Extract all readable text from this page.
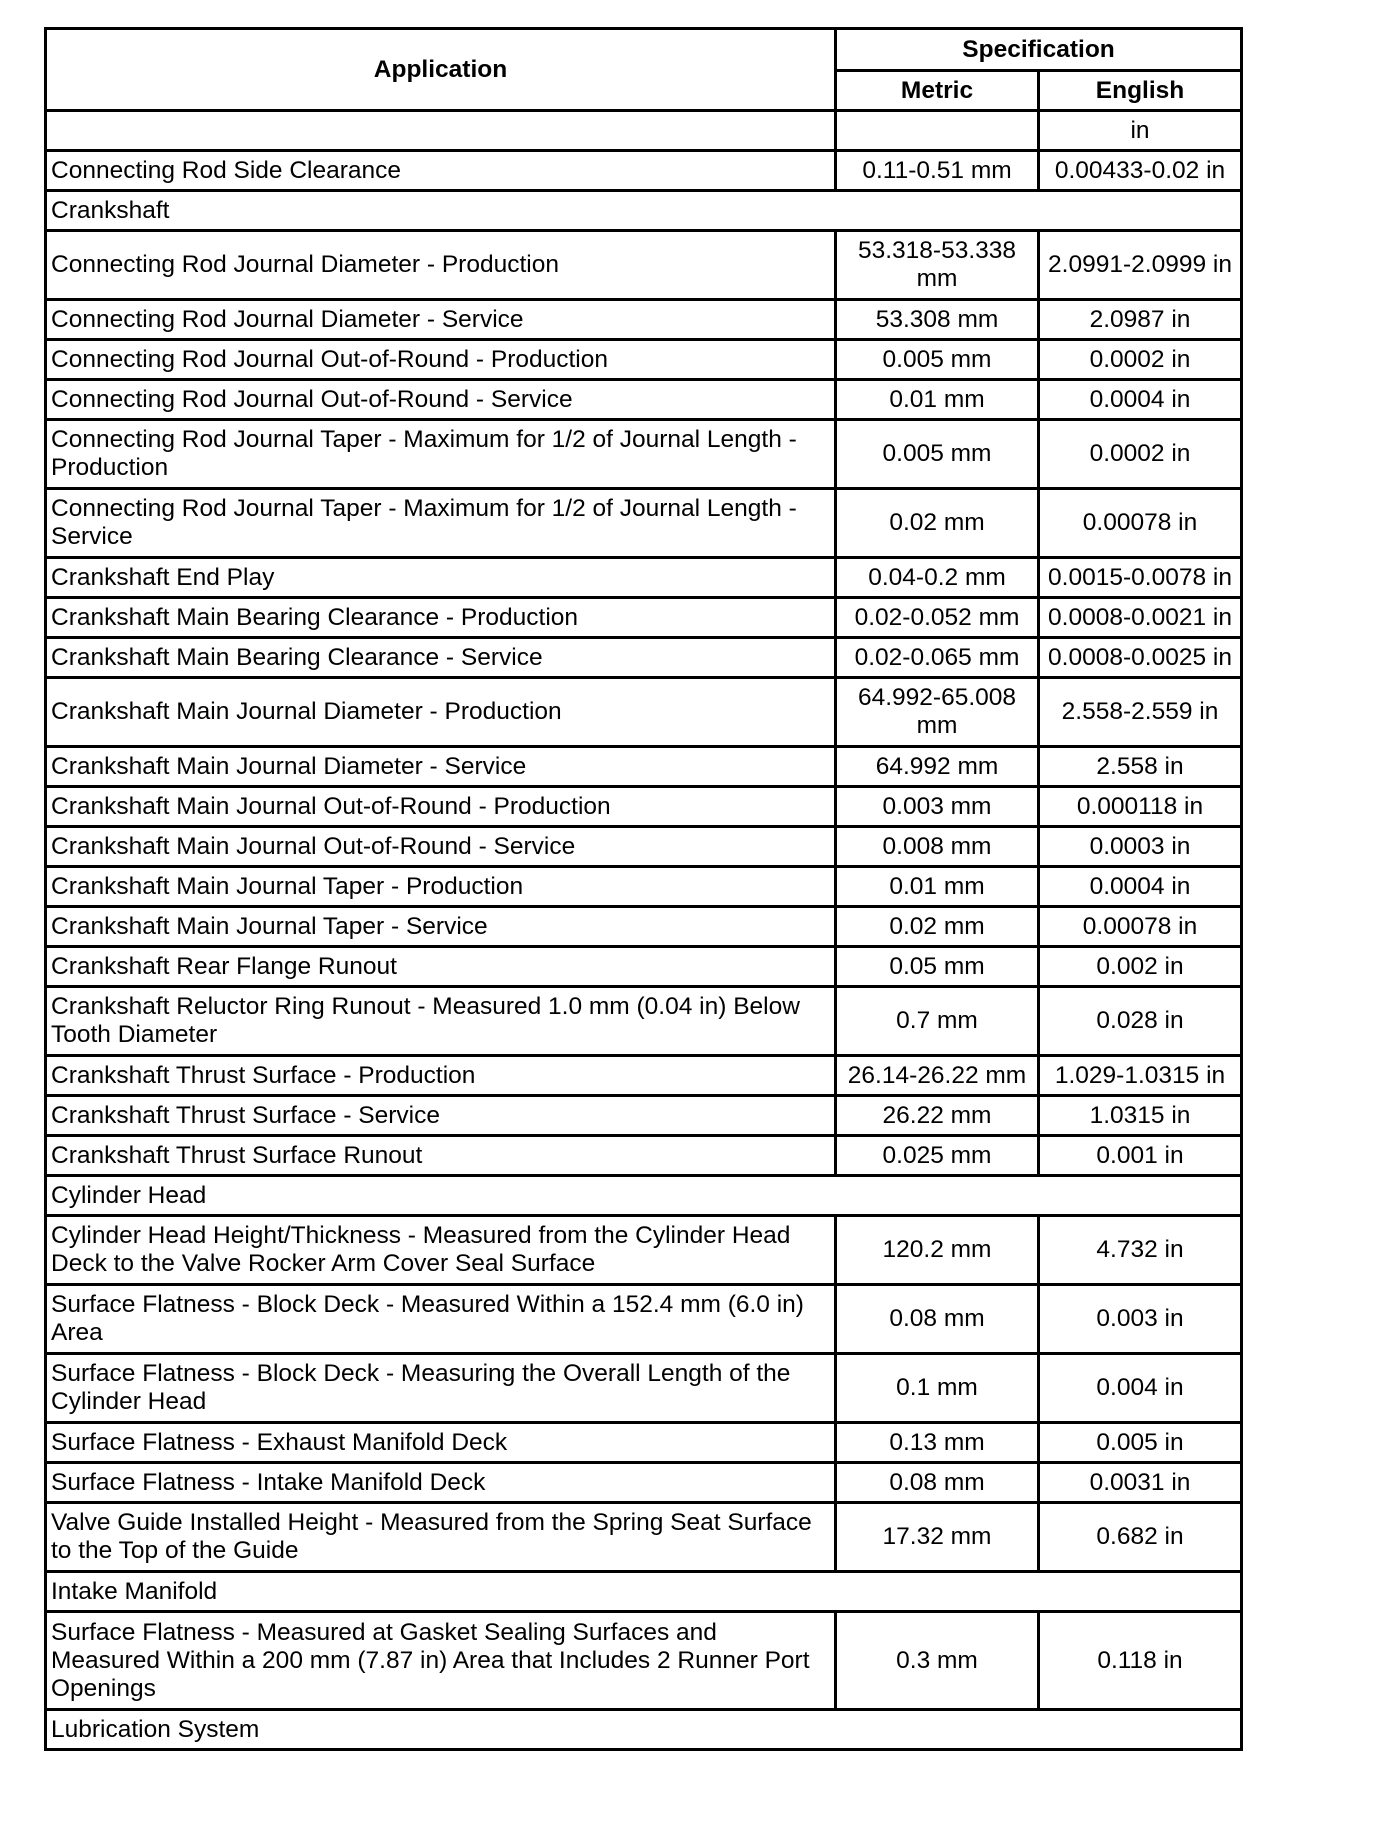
Application	Specification	
	Metric	English
		in
Connecting Rod Side Clearance	0.11-0.51 mm	0.00433-0.02 in
Crankshaft		
Connecting Rod Journal Diameter - Production	53.318-53.338 mm	2.0991-2.0999 in
Connecting Rod Journal Diameter - Service	53.308 mm	2.0987 in
Connecting Rod Journal Out-of-Round - Production	0.005 mm	0.0002 in
Connecting Rod Journal Out-of-Round - Service	0.01 mm	0.0004 in
Connecting Rod Journal Taper - Maximum for 1/2 of Journal Length - Production	0.005 mm	0.0002 in
Connecting Rod Journal Taper - Maximum for 1/2 of Journal Length - Service	0.02 mm	0.00078 in
Crankshaft End Play	0.04-0.2 mm	0.0015-0.0078 in
Crankshaft Main Bearing Clearance - Production	0.02-0.052 mm	0.0008-0.0021 in
Crankshaft Main Bearing Clearance - Service	0.02-0.065 mm	0.0008-0.0025 in
Crankshaft Main Journal Diameter - Production	64.992-65.008 mm	2.558-2.559 in
Crankshaft Main Journal Diameter - Service	64.992 mm	2.558 in
Crankshaft Main Journal Out-of-Round - Production	0.003 mm	0.000118 in
Crankshaft Main Journal Out-of-Round - Service	0.008 mm	0.0003 in
Crankshaft Main Journal Taper - Production	0.01 mm	0.0004 in
Crankshaft Main Journal Taper - Service	0.02 mm	0.00078 in
Crankshaft Rear Flange Runout	0.05 mm	0.002 in
Crankshaft Reluctor Ring Runout - Measured 1.0 mm (0.04 in) Below Tooth Diameter	0.7 mm	0.028 in
Crankshaft Thrust Surface - Production	26.14-26.22 mm	1.029-1.0315 in
Crankshaft Thrust Surface - Service	26.22 mm	1.0315 in
Crankshaft Thrust Surface Runout	0.025 mm	0.001 in
Cylinder Head		
Cylinder Head Height/Thickness - Measured from the Cylinder Head Deck to the Valve Rocker Arm Cover Seal Surface	120.2 mm	4.732 in
Surface Flatness - Block Deck - Measured Within a 152.4 mm (6.0 in) Area	0.08 mm	0.003 in
Surface Flatness - Block Deck - Measuring the Overall Length of the Cylinder Head	0.1 mm	0.004 in
Surface Flatness - Exhaust Manifold Deck	0.13 mm	0.005 in
Surface Flatness - Intake Manifold Deck	0.08 mm	0.0031 in
Valve Guide Installed Height - Measured from the Spring Seat Surface to the Top of the Guide	17.32 mm	0.682 in
Intake Manifold		
Surface Flatness - Measured at Gasket Sealing Surfaces and Measured Within a 200 mm (7.87 in) Area that Includes 2 Runner Port Openings	0.3 mm	0.118 in
Lubrication System		
